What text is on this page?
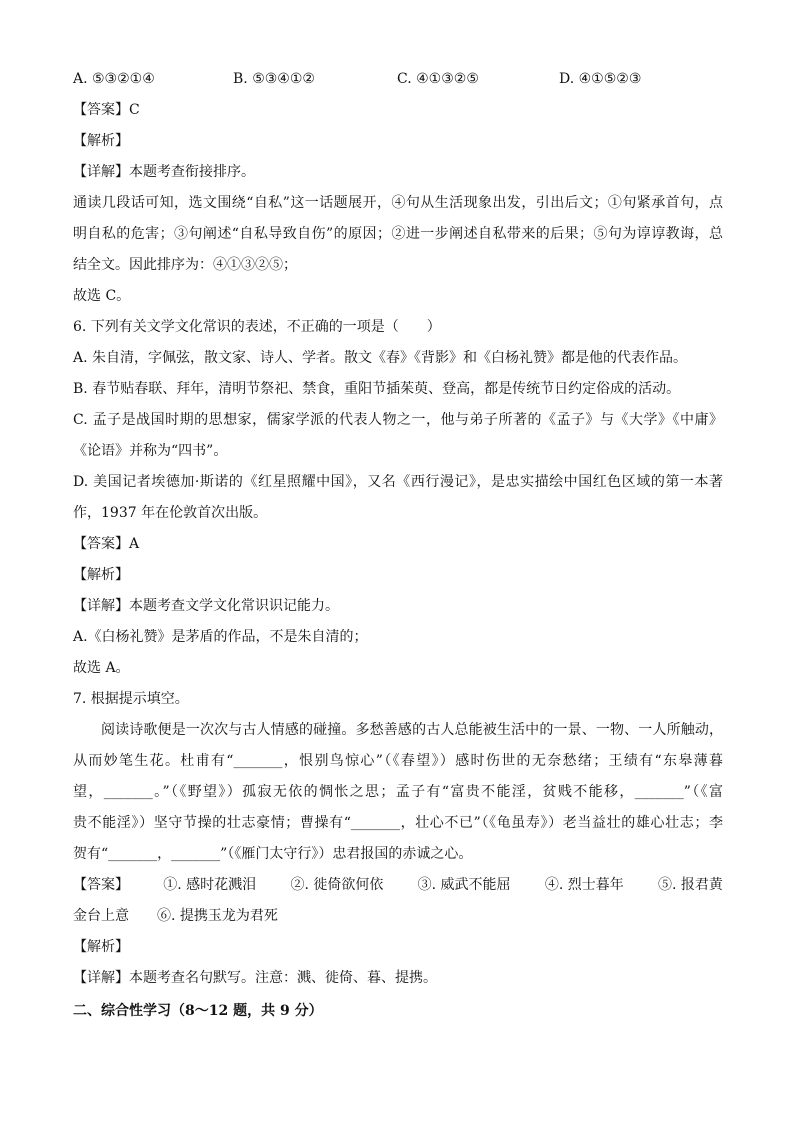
A. ⑤③②①④	B. ⑤③④①②	C. ④①③②⑤	D. ④①⑤②③
【答案】C
【解析】
【详解】本题考查衔接排序。
通读几段话可知，选文围绕“自私”这一话题展开，④句从生活现象出发，引出后文；①句紧承首句，点
明自私的危害；③句阐述“自私导致自伤”的原因；②进一步阐述自私带来的后果；⑤句为谆谆教诲，总
结全文。因此排序为：④①③②⑤；
故选 C。
6. 下列有关文学文化常识的表述，不正确的一项是（　　）
A. 朱自清，字佩弦，散文家、诗人、学者。散文《春》《背影》和《白杨礼赞》都是他的代表作品。
B. 春节贴春联、拜年，清明节祭祀、禁食，重阳节插茱萸、登高，都是传统节日约定俗成的活动。
C. 孟子是战国时期的思想家，儒家学派的代表人物之一，他与弟子所著的《孟子》与《大学》《中庸》
《论语》并称为“四书”。
D. 美国记者埃德加·斯诺的《红星照耀中国》，又名《西行漫记》，是忠实描绘中国红色区域的第一本著
作，1937 年在伦敦首次出版。
【答案】A
【解析】
【详解】本题考查文学文化常识识记能力。
A.《白杨礼赞》是茅盾的作品，不是朱自清的；
故选 A。
7. 根据提示填空。
阅读诗歌便是一次次与古人情感的碰撞。多愁善感的古人总能被生活中的一景、一物、一人所触动，
从而妙笔生花。杜甫有“_______，恨别鸟惊心”（《春望》）感时伤世的无奈愁绪；王绩有“东皋薄暮
望，_______。”（《野望》）孤寂无依的惆怅之思；孟子有“富贵不能淫，贫贱不能移，_______”（《富
贵不能淫》）坚守节操的壮志豪情；曹操有“_______，壮心不已”（《龟虽寿》）老当益壮的雄心壮志；李
贺有“_______，_______”（《雁门太守行》）忠君报国的赤诚之心。
【答案】 ①. 感时花溅泪 ②. 徙倚欲何依 ③. 威武不能屈 ④. 烈士暮年 ⑤. 报君黄
金台上意　　⑥. 提携玉龙为君死
【解析】
【详解】本题考查名句默写。注意：溅、徙倚、暮、提携。
二、综合性学习（8～12 题，共 9 分）
